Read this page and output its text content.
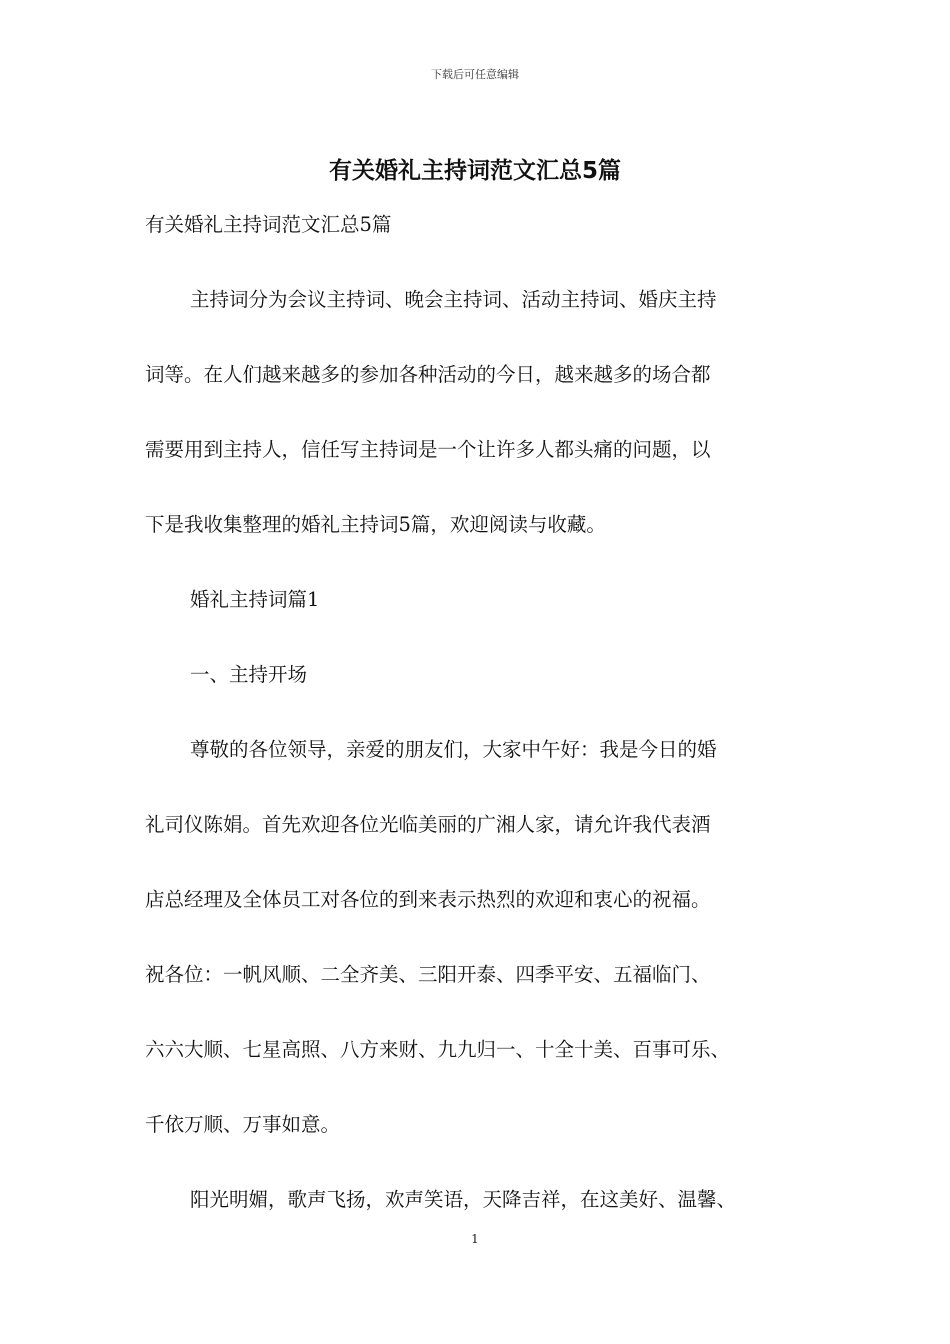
下载后可任意编辑
有关婚礼主持词范文汇总5篇
有关婚礼主持词范文汇总5篇
主持词分为会议主持词、晚会主持词、活动主持词、婚庆主持
词等。在人们越来越多的参加各种活动的今日，越来越多的场合都
需要用到主持人，信任写主持词是一个让许多人都头痛的问题，以
下是我收集整理的婚礼主持词5篇，欢迎阅读与收藏。
婚礼主持词篇1
一、主持开场
尊敬的各位领导，亲爱的朋友们，大家中午好：我是今日的婚
礼司仪陈娟。首先欢迎各位光临美丽的广湘人家，请允许我代表酒
店总经理及全体员工对各位的到来表示热烈的欢迎和衷心的祝福。
祝各位：一帆风顺、二全齐美、三阳开泰、四季平安、五福临门、
六六大顺、七星高照、八方来财、九九归一、十全十美、百事可乐、
千依万顺、万事如意。
阳光明媚，歌声飞扬，欢声笑语，天降吉祥，在这美好、温馨、
1
